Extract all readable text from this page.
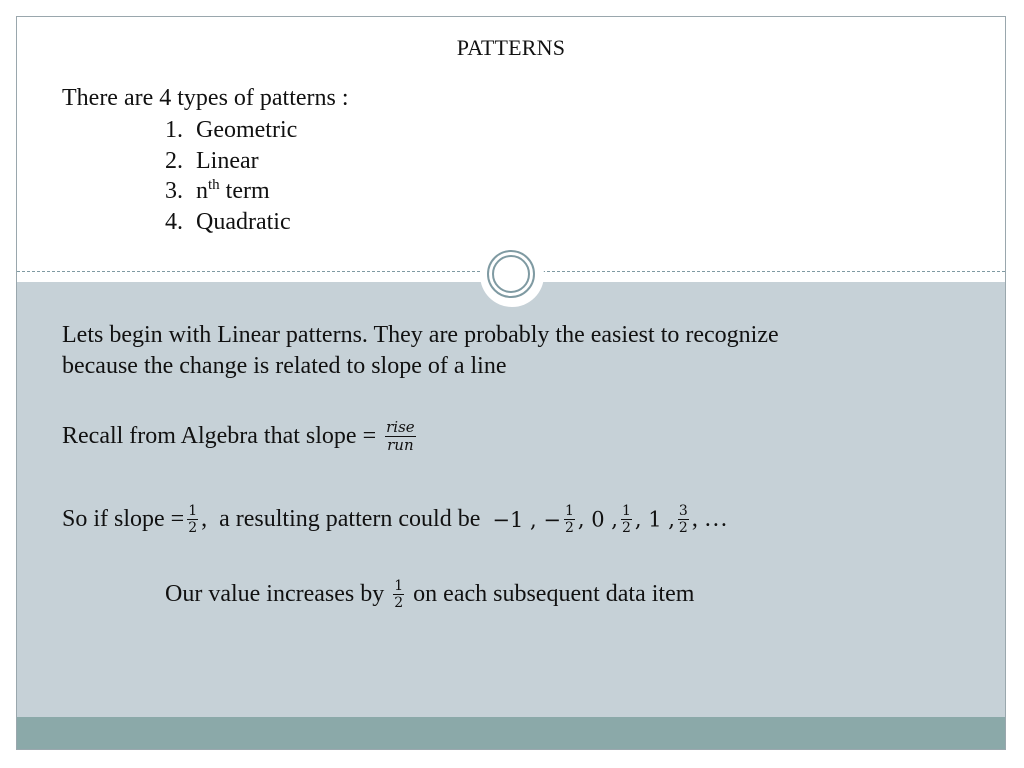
PATTERNS
There are 4 types of patterns :
1. Geometric
2. Linear
3. $n^{th}$ term
4. Quadratic
Lets begin with Linear patterns. They are probably the easiest to recognize
because the change is related to slope of a line
Recall from Algebra that slope = $\frac{\text{rise}}{\text{run}}$
So if slope = $\frac{1}{2}$ ,  a resulting pattern could be −1 , − $\frac{1}{2}$ , 0 , $\frac{1}{2}$ , 1 , $\frac{3}{2}$ , …
Our value increases by $\frac{1}{2}$ on each subsequent data item
